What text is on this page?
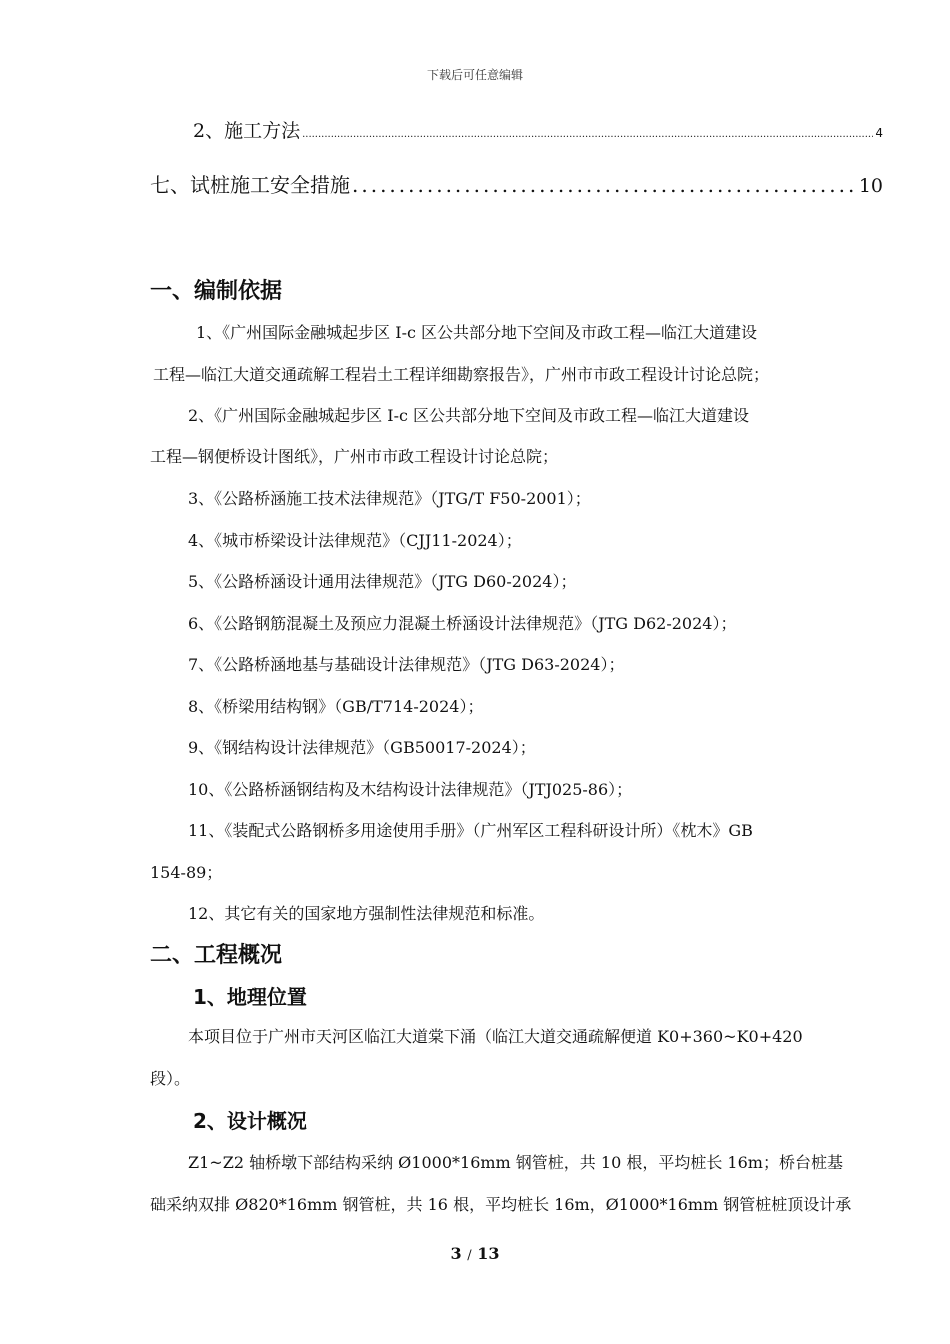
下载后可任意编辑
2、施工方法 .....	4
七、试桩施工安全措施 .....	10
一、编制依据
1、《广州国际金融城起步区 I-c 区公共部分地下空间及市政工程—临江大道建设
工程—临江大道交通疏解工程岩土工程详细勘察报告》，广州市市政工程设计讨论总院；
2、《广州国际金融城起步区 I-c 区公共部分地下空间及市政工程—临江大道建设
工程—钢便桥设计图纸》，广州市市政工程设计讨论总院；
3、《公路桥涵施工技术法律规范》（JTG/T F50-2001）；
4、《城市桥梁设计法律规范》（CJJ11-2024）；
5、《公路桥涵设计通用法律规范》（JTG D60-2024）；
6、《公路钢筋混凝土及预应力混凝土桥涵设计法律规范》（JTG D62-2024）；
7、《公路桥涵地基与基础设计法律规范》（JTG D63-2024）；
8、《桥梁用结构钢》（GB/T714-2024）；
9、《钢结构设计法律规范》（GB50017-2024）；
10、《公路桥涵钢结构及木结构设计法律规范》（JTJ025-86）；
11、《装配式公路钢桥多用途使用手册》（广州军区工程科研设计所）《枕木》GB
154-89；
12、其它有关的国家地方强制性法律规范和标准。
二、工程概况
1、地理位置
本项目位于广州市天河区临江大道棠下涌（临江大道交通疏解便道 K0+360~K0+420
段）。
2、设计概况
Z1~Z2 轴桥墩下部结构采纳 Ø1000*16mm 钢管桩，共 10 根，平均桩长 16m；桥台桩基
础采纳双排 Ø820*16mm 钢管桩，共 16 根，平均桩长 16m，Ø1000*16mm 钢管桩桩顶设计承
3 / 13
